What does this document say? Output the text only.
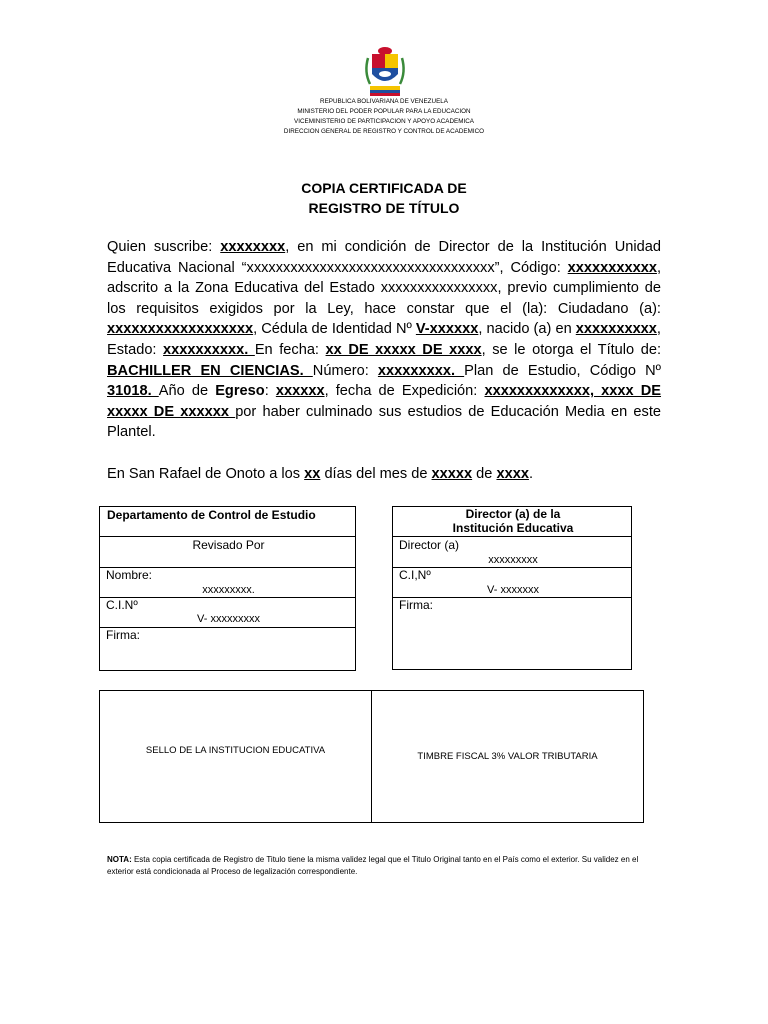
REPUBLICA BOLIVARIANA DE VENEZUELA
MINISTERIO DEL PODER POPULAR PARA LA EDUCACION
VICEMINISTERIO DE PARTICIPACION Y APOYO ACADEMICA
DIRECCION GENERAL DE REGISTRO Y CONTROL DE ACADEMICO
COPIA CERTIFICADA DE
REGISTRO DE TÍTULO
Quien suscribe: xxxxxxxx, en mi condición de Director de la Institución Unidad Educativa Nacional “xxxxxxxxxxxxxxxxxxxxxxxxxxxxxxxxxx”, Código: xxxxxxxxxxx, adscrito a la Zona Educativa del Estado xxxxxxxxxxxxxxxx, previo cumplimiento de los requisitos exigidos por la Ley, hace constar que el (la): Ciudadano (a): xxxxxxxxxxxxxxxxxx, Cédula de Identidad Nº V-xxxxxx, nacido (a) en xxxxxxxxxx, Estado: xxxxxxxxxx. En fecha: xx DE xxxxx DE xxxx, se le otorga el Título de: BACHILLER EN CIENCIAS. Número: xxxxxxxxx. Plan de Estudio, Código Nº 31018. Año de Egreso: xxxxxx, fecha de Expedición: xxxxxxxxxxxxx, xxxx DE xxxxx DE xxxxxx por haber culminado sus estudios de Educación Media en este Plantel.
En San Rafael de Onoto a los xx días del mes de xxxxx de xxxx.
Departamento de Control de Estudio
Revisado Por
Nombre:
xxxxxxxxx.
C.I.Nº
V- xxxxxxxxx
Firma:
Director (a) de la
Institución Educativa
Director (a)
xxxxxxxxx
C.I,Nº
V- xxxxxxx
Firma:
SELLO DE LA INSTITUCION EDUCATIVA
TIMBRE FISCAL 3% VALOR TRIBUTARIA
NOTA: Esta copia certificada de Registro de Titulo tiene la misma validez legal que el Titulo Original tanto en el País como el exterior. Su validez en el exterior está condicionada al Proceso de legalización correspondiente.
